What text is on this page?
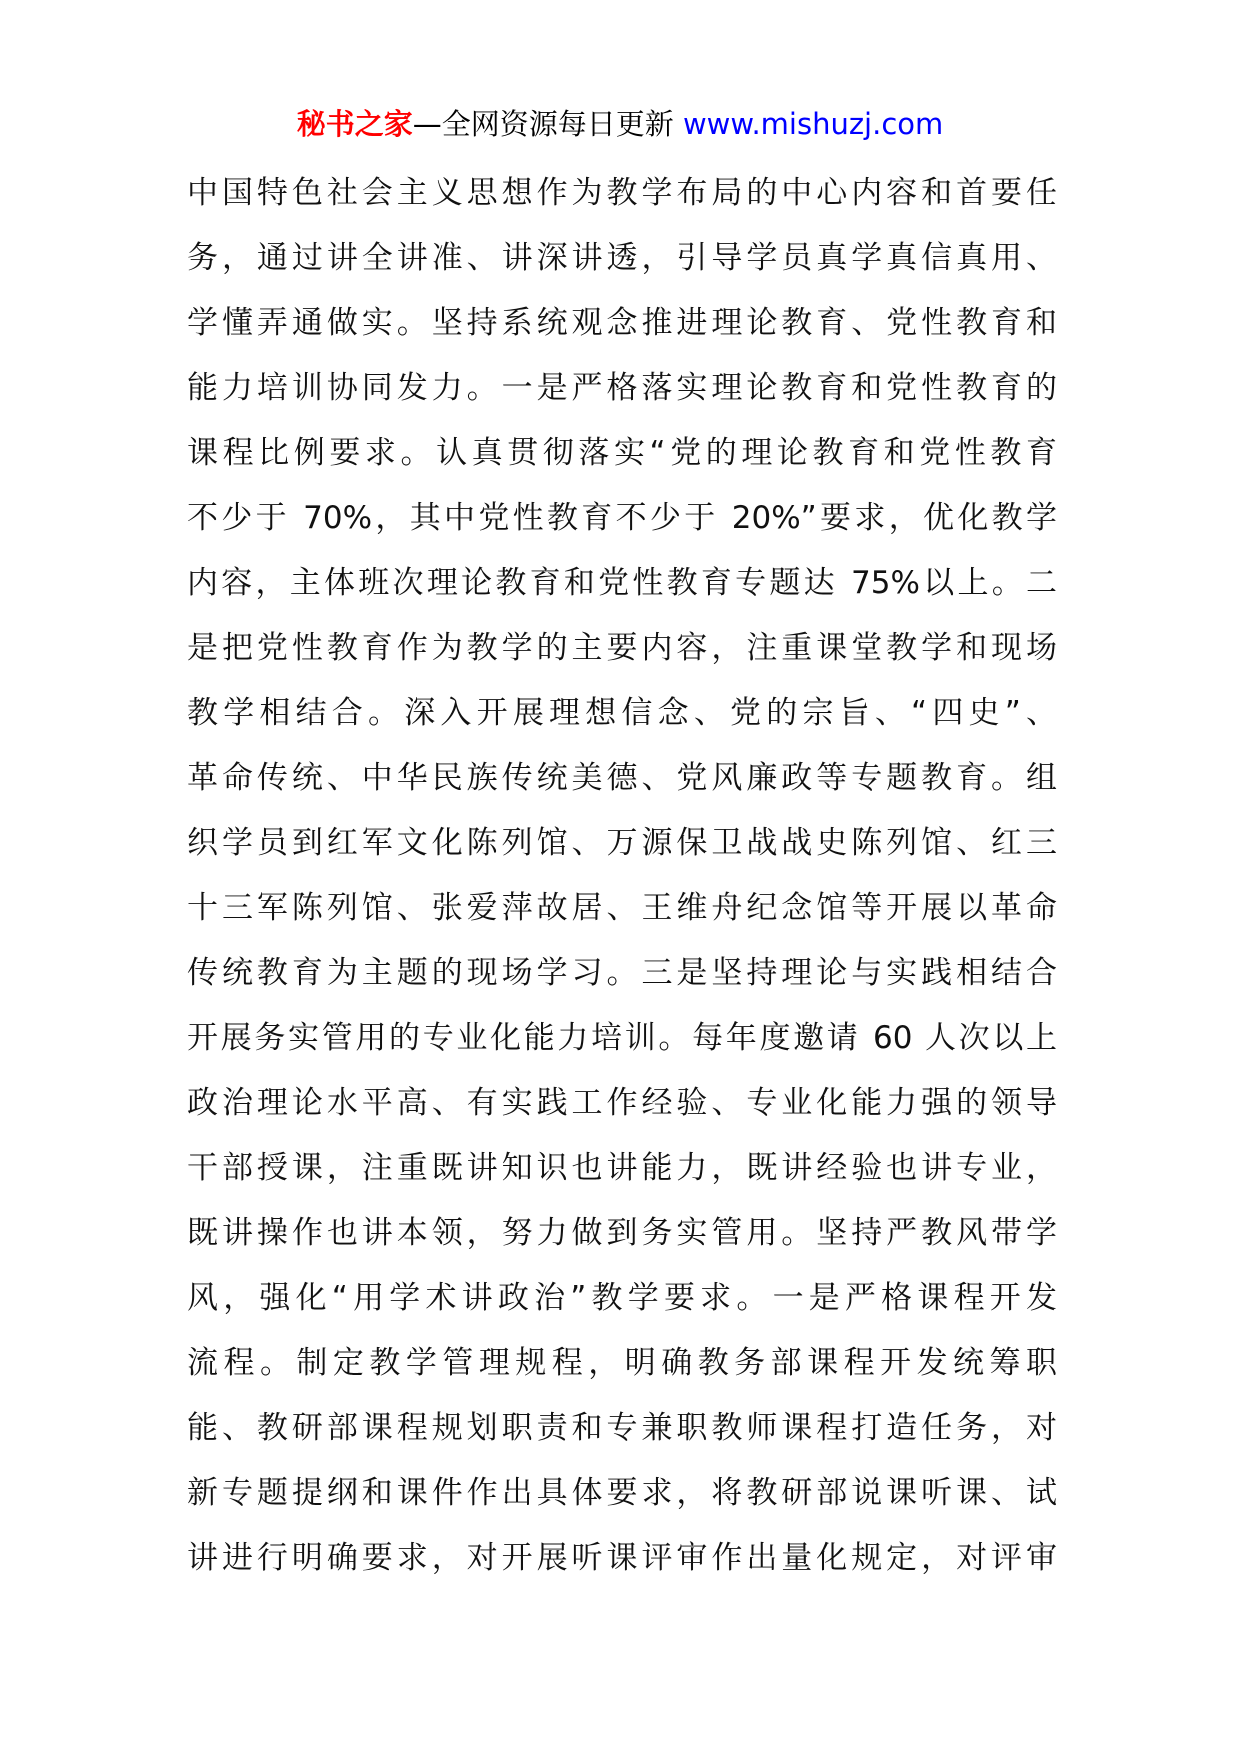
秘书之家—全网资源每日更新 www.mishuzj.com
中国特色社会主义思想作为教学布局的中心内容和首要任
务，通过讲全讲准、讲深讲透，引导学员真学真信真用、
学懂弄通做实。坚持系统观念推进理论教育、党性教育和
能力培训协同发力。一是严格落实理论教育和党性教育的
课程比例要求。认真贯彻落实“党的理论教育和党性教育
不少于 70%，其中党性教育不少于 20%”要求，优化教学
内容，主体班次理论教育和党性教育专题达 75%以上。二
是把党性教育作为教学的主要内容，注重课堂教学和现场
教学相结合。深入开展理想信念、党的宗旨、“四史”、
革命传统、中华民族传统美德、党风廉政等专题教育。组
织学员到红军文化陈列馆、万源保卫战战史陈列馆、红三
十三军陈列馆、张爱萍故居、王维舟纪念馆等开展以革命
传统教育为主题的现场学习。三是坚持理论与实践相结合
开展务实管用的专业化能力培训。每年度邀请 60 人次以上
政治理论水平高、有实践工作经验、专业化能力强的领导
干部授课，注重既讲知识也讲能力，既讲经验也讲专业，
既讲操作也讲本领，努力做到务实管用。坚持严教风带学
风，强化“用学术讲政治”教学要求。一是严格课程开发
流程。制定教学管理规程，明确教务部课程开发统筹职
能、教研部课程规划职责和专兼职教师课程打造任务，对
新专题提纲和课件作出具体要求，将教研部说课听课、试
讲进行明确要求，对开展听课评审作出量化规定，对评审
